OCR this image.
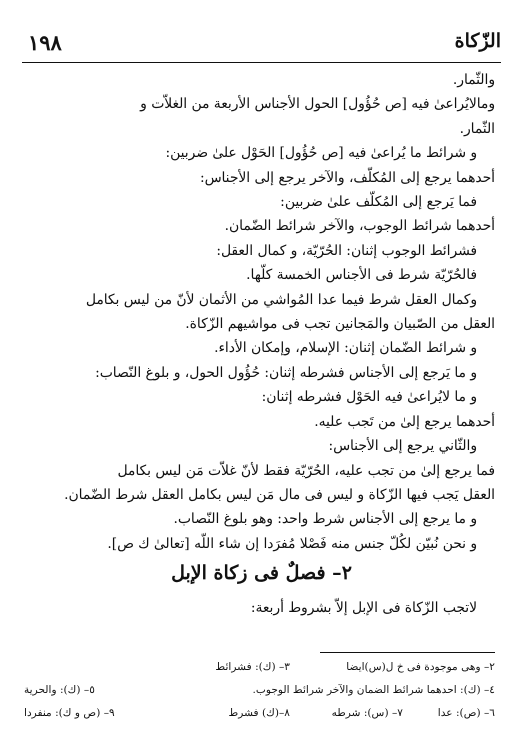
١٩٨	الزّكاة
والثّمار.
ومالايُراعىٰ فيه [ص حُؤُول] الحول الأجناس الأربعة من الغلاّت و
الثّمار.
و شرائط ما يُراعىٰ فيه [ص حُؤُول] الحَوْل علىٰ ضربين:
أحدهما يرجع إلى المُكلّف، والآخر يرجع إلى الأجناس:
فما يَرجع إلى المُكلّف علىٰ ضربين:
أحدهما شرائط الوجوب، والآخر شرائط الضّمان.
فشرائط الوجوب إثنان: الحُرّيّة، و كمال العقل:
فالحُرّيّة شرط فى الأجناس الخمسة كلّها.
وكمال العقل شرط فيما عدا المُواشي من الأثمان لأنّ من ليس بكامل
العقل من الصّبيان والمَجانين تجب فى مواشيهم الزّكاة.
و شرائط الضّمان إثنان: الإسلام، وإمكان الأداء.
و ما يَرجع إلى الأجناس فشرطه إثنان: حُؤُول الحول، و بلوغ النّصاب:
و ما لايُراعىٰ فيه الحَوْل فشرطه إثنان:
أحدهما يرجع إلىٰ من تَجب عليه.
والثّاني يرجع إلى الأجناس:
فما يرجع إلىٰ من تجب عليه، الحُرّيّة فقط لأنّ غلاّت مَن ليس بكامل
العقل يَجب فيها الزّكاة و ليس فى مال مَن ليس بكامل العقل شرط الضّمان.
و ما يرجع إلى الأجناس شرط واحد: وهو بلوغ النّصاب.
و نحن نُبيّن لكُلّ جنس منه فَصْلا مُفرَدا إن شاء اللّه [تعالىٰ ك ص].
٢– فصلٌ فى زكاة الإبل
لاتجب الزّكاة فى الإبل إلاّ بشروط أربعة:
٢– وهى موجودة فى خ ل(س)ايضا
٣– (ك): فشرائط
٤– (ك): احدهما شرائط الضمان والآخر شرائط الوجوب.
٥– (ك): والحرية
٦– (ص): عدا
٧– (س): شرطه
٨–(ك) فشرط
٩– (ص و ك): منفردا
